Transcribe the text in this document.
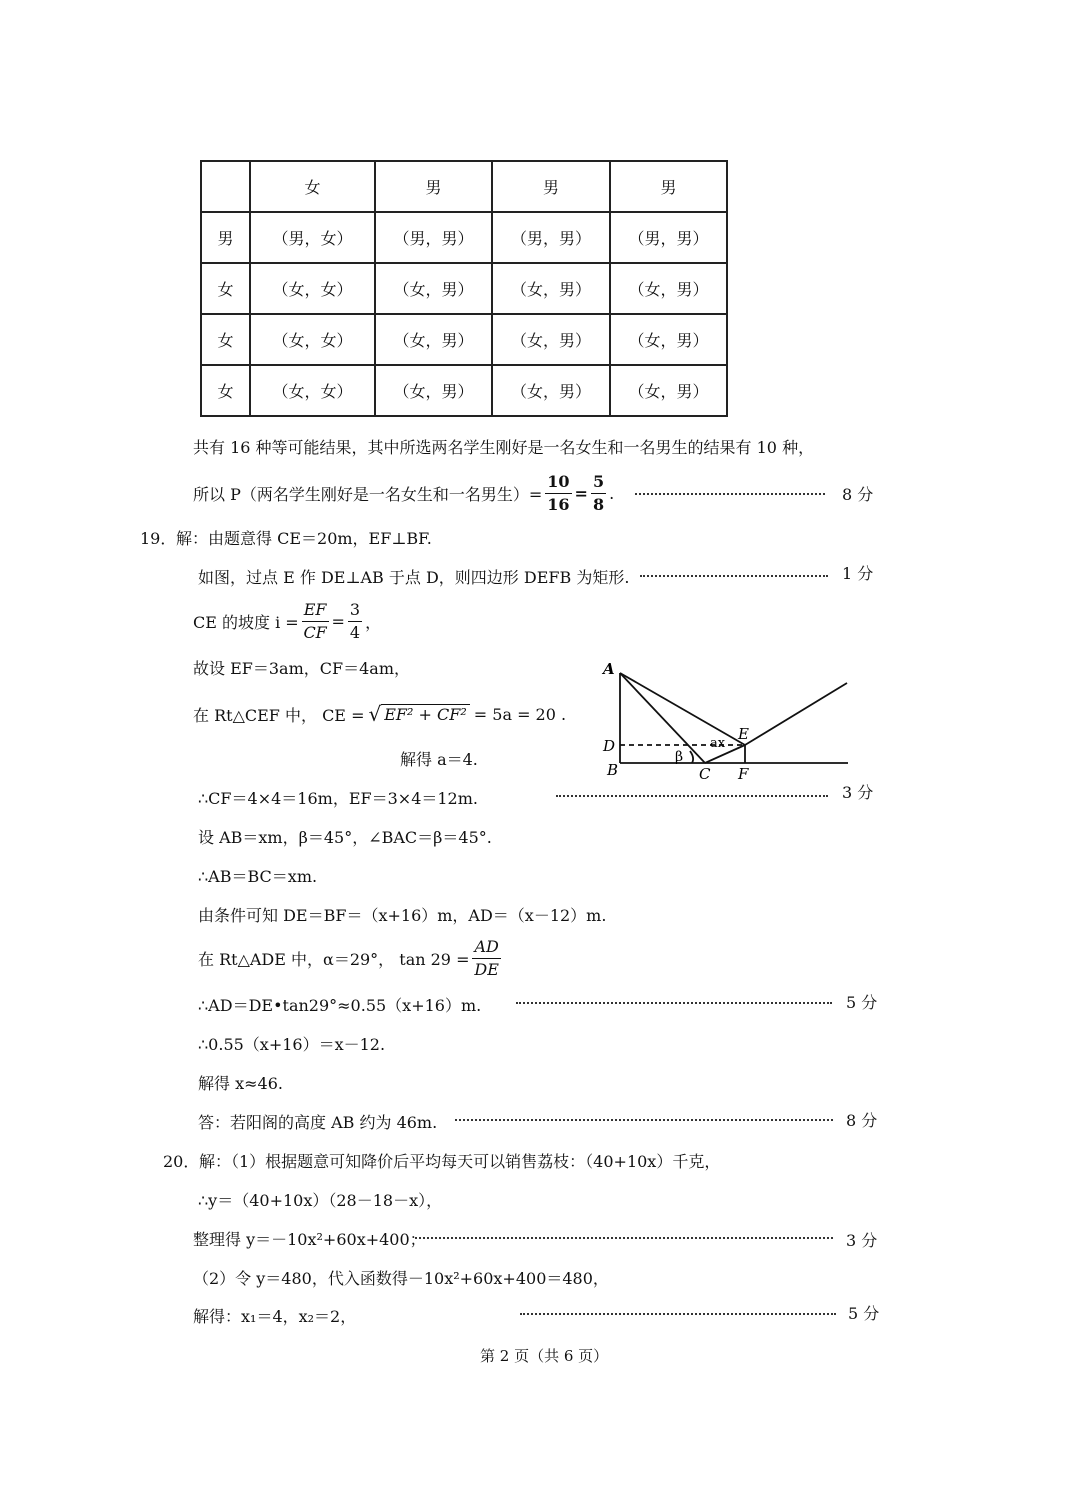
	女	男	男	男
男	（男，女）	（男，男）	（男，男）	（男，男）
女	（女，女）	（女，男）	（女，男）	（女，男）
女	（女，女）	（女，男）	（女，男）	（女，男）
女	（女，女）	（女，男）	（女，男）	（女，男）
共有 16 种等可能结果，其中所选两名学生刚好是一名女生和一名男生的结果有 10 种，
所以 P（两名学生刚好是一名女生和一名男生）= $\frac{10}{16} = \frac{5}{8}$ .	8 分
19． 解：由题意得 CE＝20m，EF⊥BF.
如图，过点 E 作 DE⊥AB 于点 D，则四边形 DEFB 为矩形.	1 分
CE 的坡度 $i = \frac{EF}{CF} = \frac{3}{4}$ ，
故设 EF＝3am，CF＝4am，
在 Rt△CEF 中， CE = √ EF² + CF² = 5a = 20 .
解得 a＝4.
∴CF＝4×4＝16m，EF＝3×4＝12m.	3 分
设 AB＝xm，β＝45°，∠BAC＝β＝45°.
∴AB＝BC＝xm.
由条件可知 DE＝BF＝（x+16）m，AD＝（x－12）m.
在 Rt△ADE 中，α＝29°， $\tan 29 = \frac{AD}{DE}$
∴AD＝DE•tan29°≈0.55（x+16）m.	5 分
∴0.55（x+16）＝x－12.
解得 x≈46.
答：若阳阁的高度 AB 约为 46m.	8 分
A
D
B	C F
E
β
ax
20． 解：（1）根据题意可知降价后平均每天可以销售荔枝：（40+10x）千克，
∴y＝（40+10x）（28－18－x），
整理得 y＝－10x²+60x+400；	3 分
（2）令 y＝480，代入函数得－10x²+60x+400＝480，
解得：x₁＝4，x₂＝2，	5 分
第 2 页（共 6 页）
